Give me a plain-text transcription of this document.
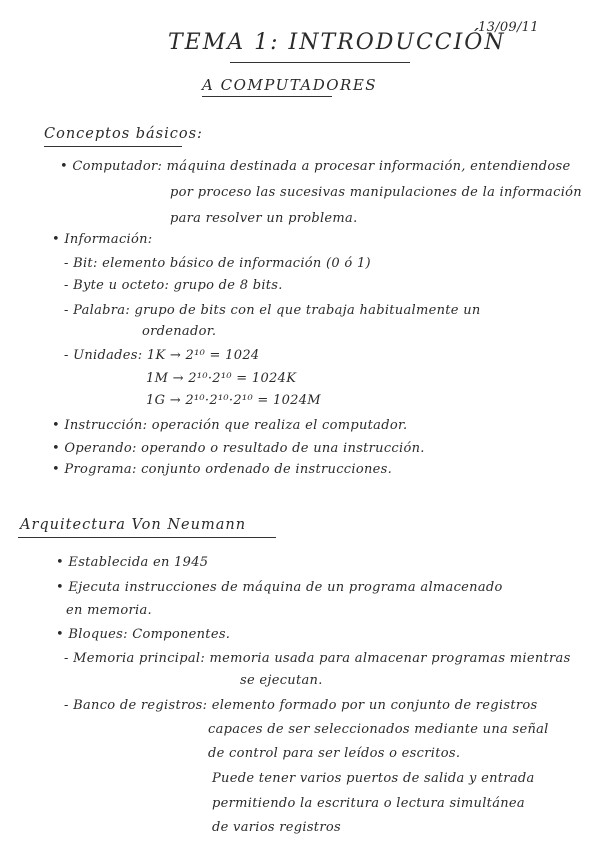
13/09/11
TEMA 1: INTRODUCCIÓN
A COMPUTADORES
Conceptos básicos:
• Computador: máquina destinada a procesar información, entendiendose
por proceso las sucesivas manipulaciones de la información
para resolver un problema.
• Información:
- Bit: elemento básico de información (0 ó 1)
- Byte u octeto: grupo de 8 bits.
- Palabra: grupo de bits con el que trabaja habitualmente un
ordenador.
- Unidades: 1K → 2¹⁰ = 1024
1M → 2¹⁰·2¹⁰ = 1024K
1G → 2¹⁰·2¹⁰·2¹⁰ = 1024M
• Instrucción: operación que realiza el computador.
• Operando: operando o resultado de una instrucción.
• Programa: conjunto ordenado de instrucciones.
Arquitectura Von Neumann
• Establecida en 1945
• Ejecuta instrucciones de máquina de un programa almacenado
en memoria.
• Bloques: Componentes.
- Memoria principal: memoria usada para almacenar programas mientras
se ejecutan.
- Banco de registros: elemento formado por un conjunto de registros
capaces de ser seleccionados mediante una señal
de control para ser leídos o escritos.
Puede tener varios puertos de salida y entrada
permitiendo la escritura o lectura simultánea
de varios registros
